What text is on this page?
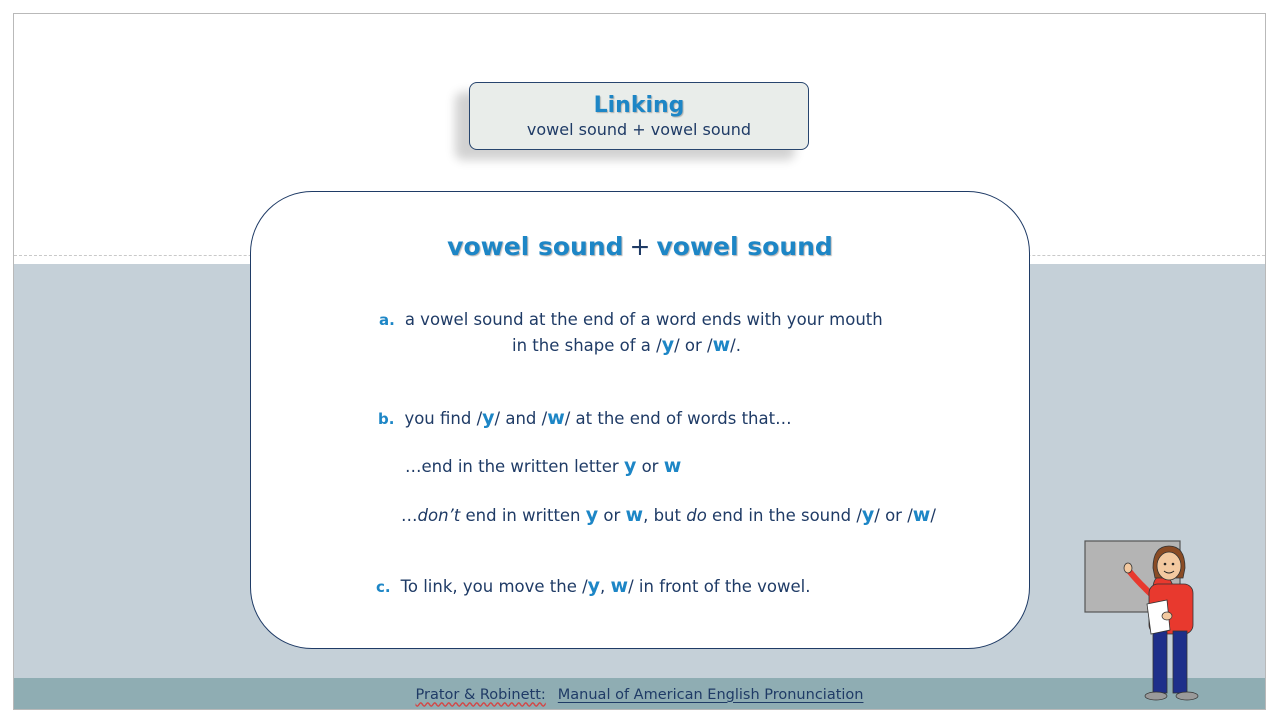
Prator & Robinett: Manual of American English Pronunciation
Linking
vowel sound + vowel sound
vowel sound + vowel sound
a. a vowel sound at the end of a word ends with your mouth
in the shape of a /y/ or /w/.
b. you find /y/ and /w/ at the end of words that…
…end in the written letter y or w
…don’t end in written y or w, but do end in the sound /y/ or /w/
c. To link, you move the /y, w/ in front of the vowel.
